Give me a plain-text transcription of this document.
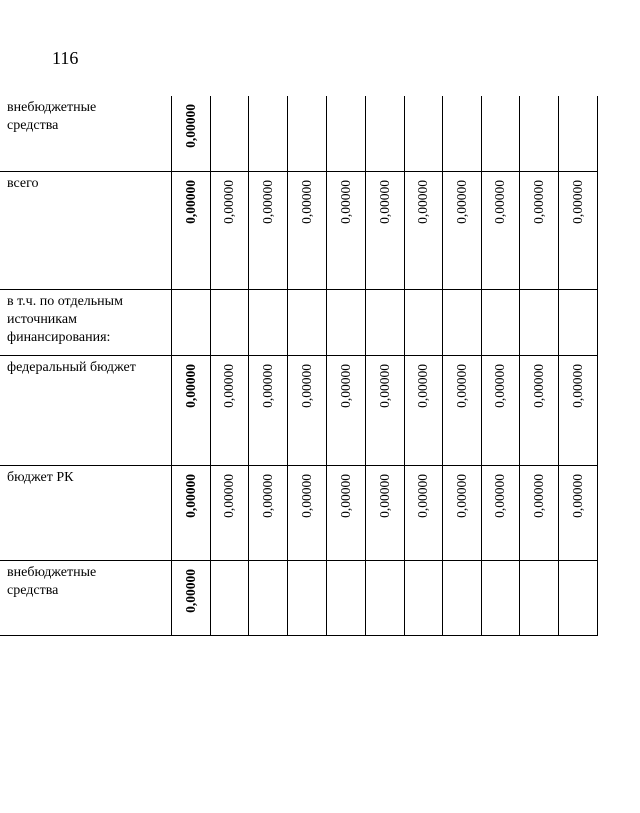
116
внебюджетные
средства	0,00000										

всего	0,00000	0,00000	0,00000	0,00000	0,00000	0,00000	0,00000	0,00000	0,00000	0,00000	0,00000

в т.ч. по отдельным
источникам
финансирования:											

федеральный бюджет	0,00000	0,00000	0,00000	0,00000	0,00000	0,00000	0,00000	0,00000	0,00000	0,00000	0,00000

бюджет РК	0,00000	0,00000	0,00000	0,00000	0,00000	0,00000	0,00000	0,00000	0,00000	0,00000	0,00000

внебюджетные
средства	0,00000										
